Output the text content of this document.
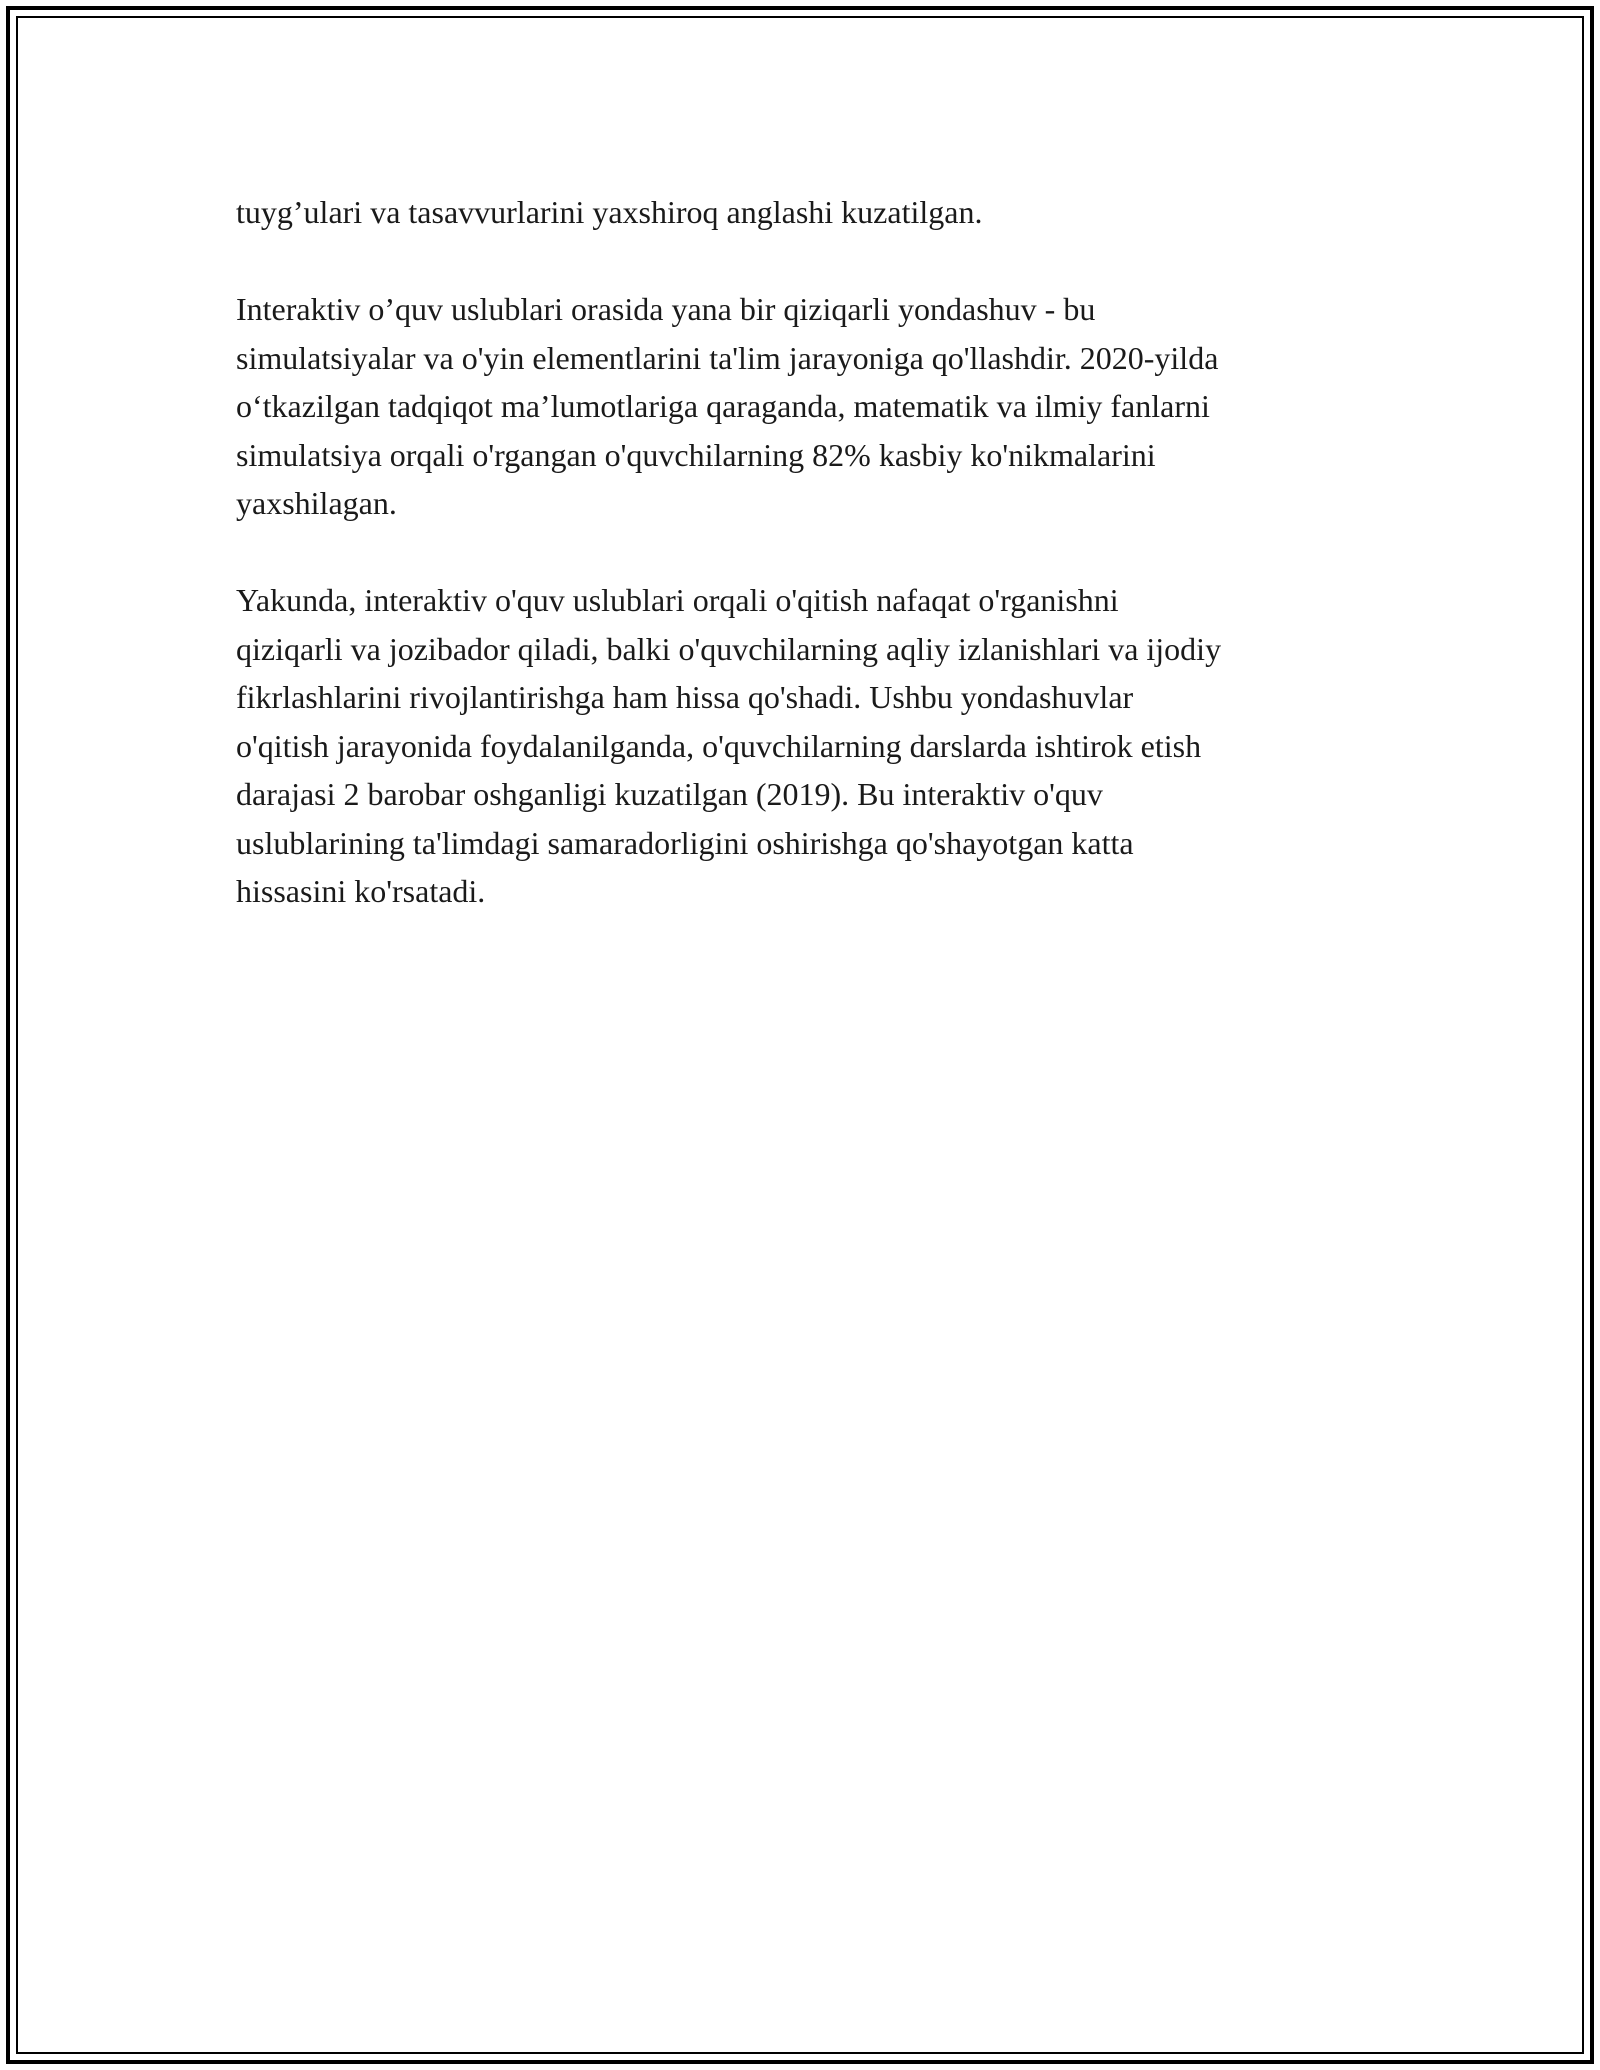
tuyg’ulari va tasavvurlarini yaxshiroq anglashi kuzatilgan.

Interaktiv o’quv uslublari orasida yana bir qiziqarli yondashuv - bu
simulatsiyalar va o'yin elementlarini ta'lim jarayoniga qo'llashdir. 2020-yilda
o‘tkazilgan tadqiqot ma’lumotlariga qaraganda, matematik va ilmiy fanlarni
simulatsiya orqali o'rgangan o'quvchilarning 82% kasbiy ko'nikmalarini
yaxshilagan.

Yakunda, interaktiv o'quv uslublari orqali o'qitish nafaqat o'rganishni
qiziqarli va jozibador qiladi, balki o'quvchilarning aqliy izlanishlari va ijodiy
fikrlashlarini rivojlantirishga ham hissa qo'shadi. Ushbu yondashuvlar
o'qitish jarayonida foydalanilganda, o'quvchilarning darslarda ishtirok etish
darajasi 2 barobar oshganligi kuzatilgan (2019). Bu interaktiv o'quv
uslublarining ta'limdagi samaradorligini oshirishga qo'shayotgan katta
hissasini ko'rsatadi.
